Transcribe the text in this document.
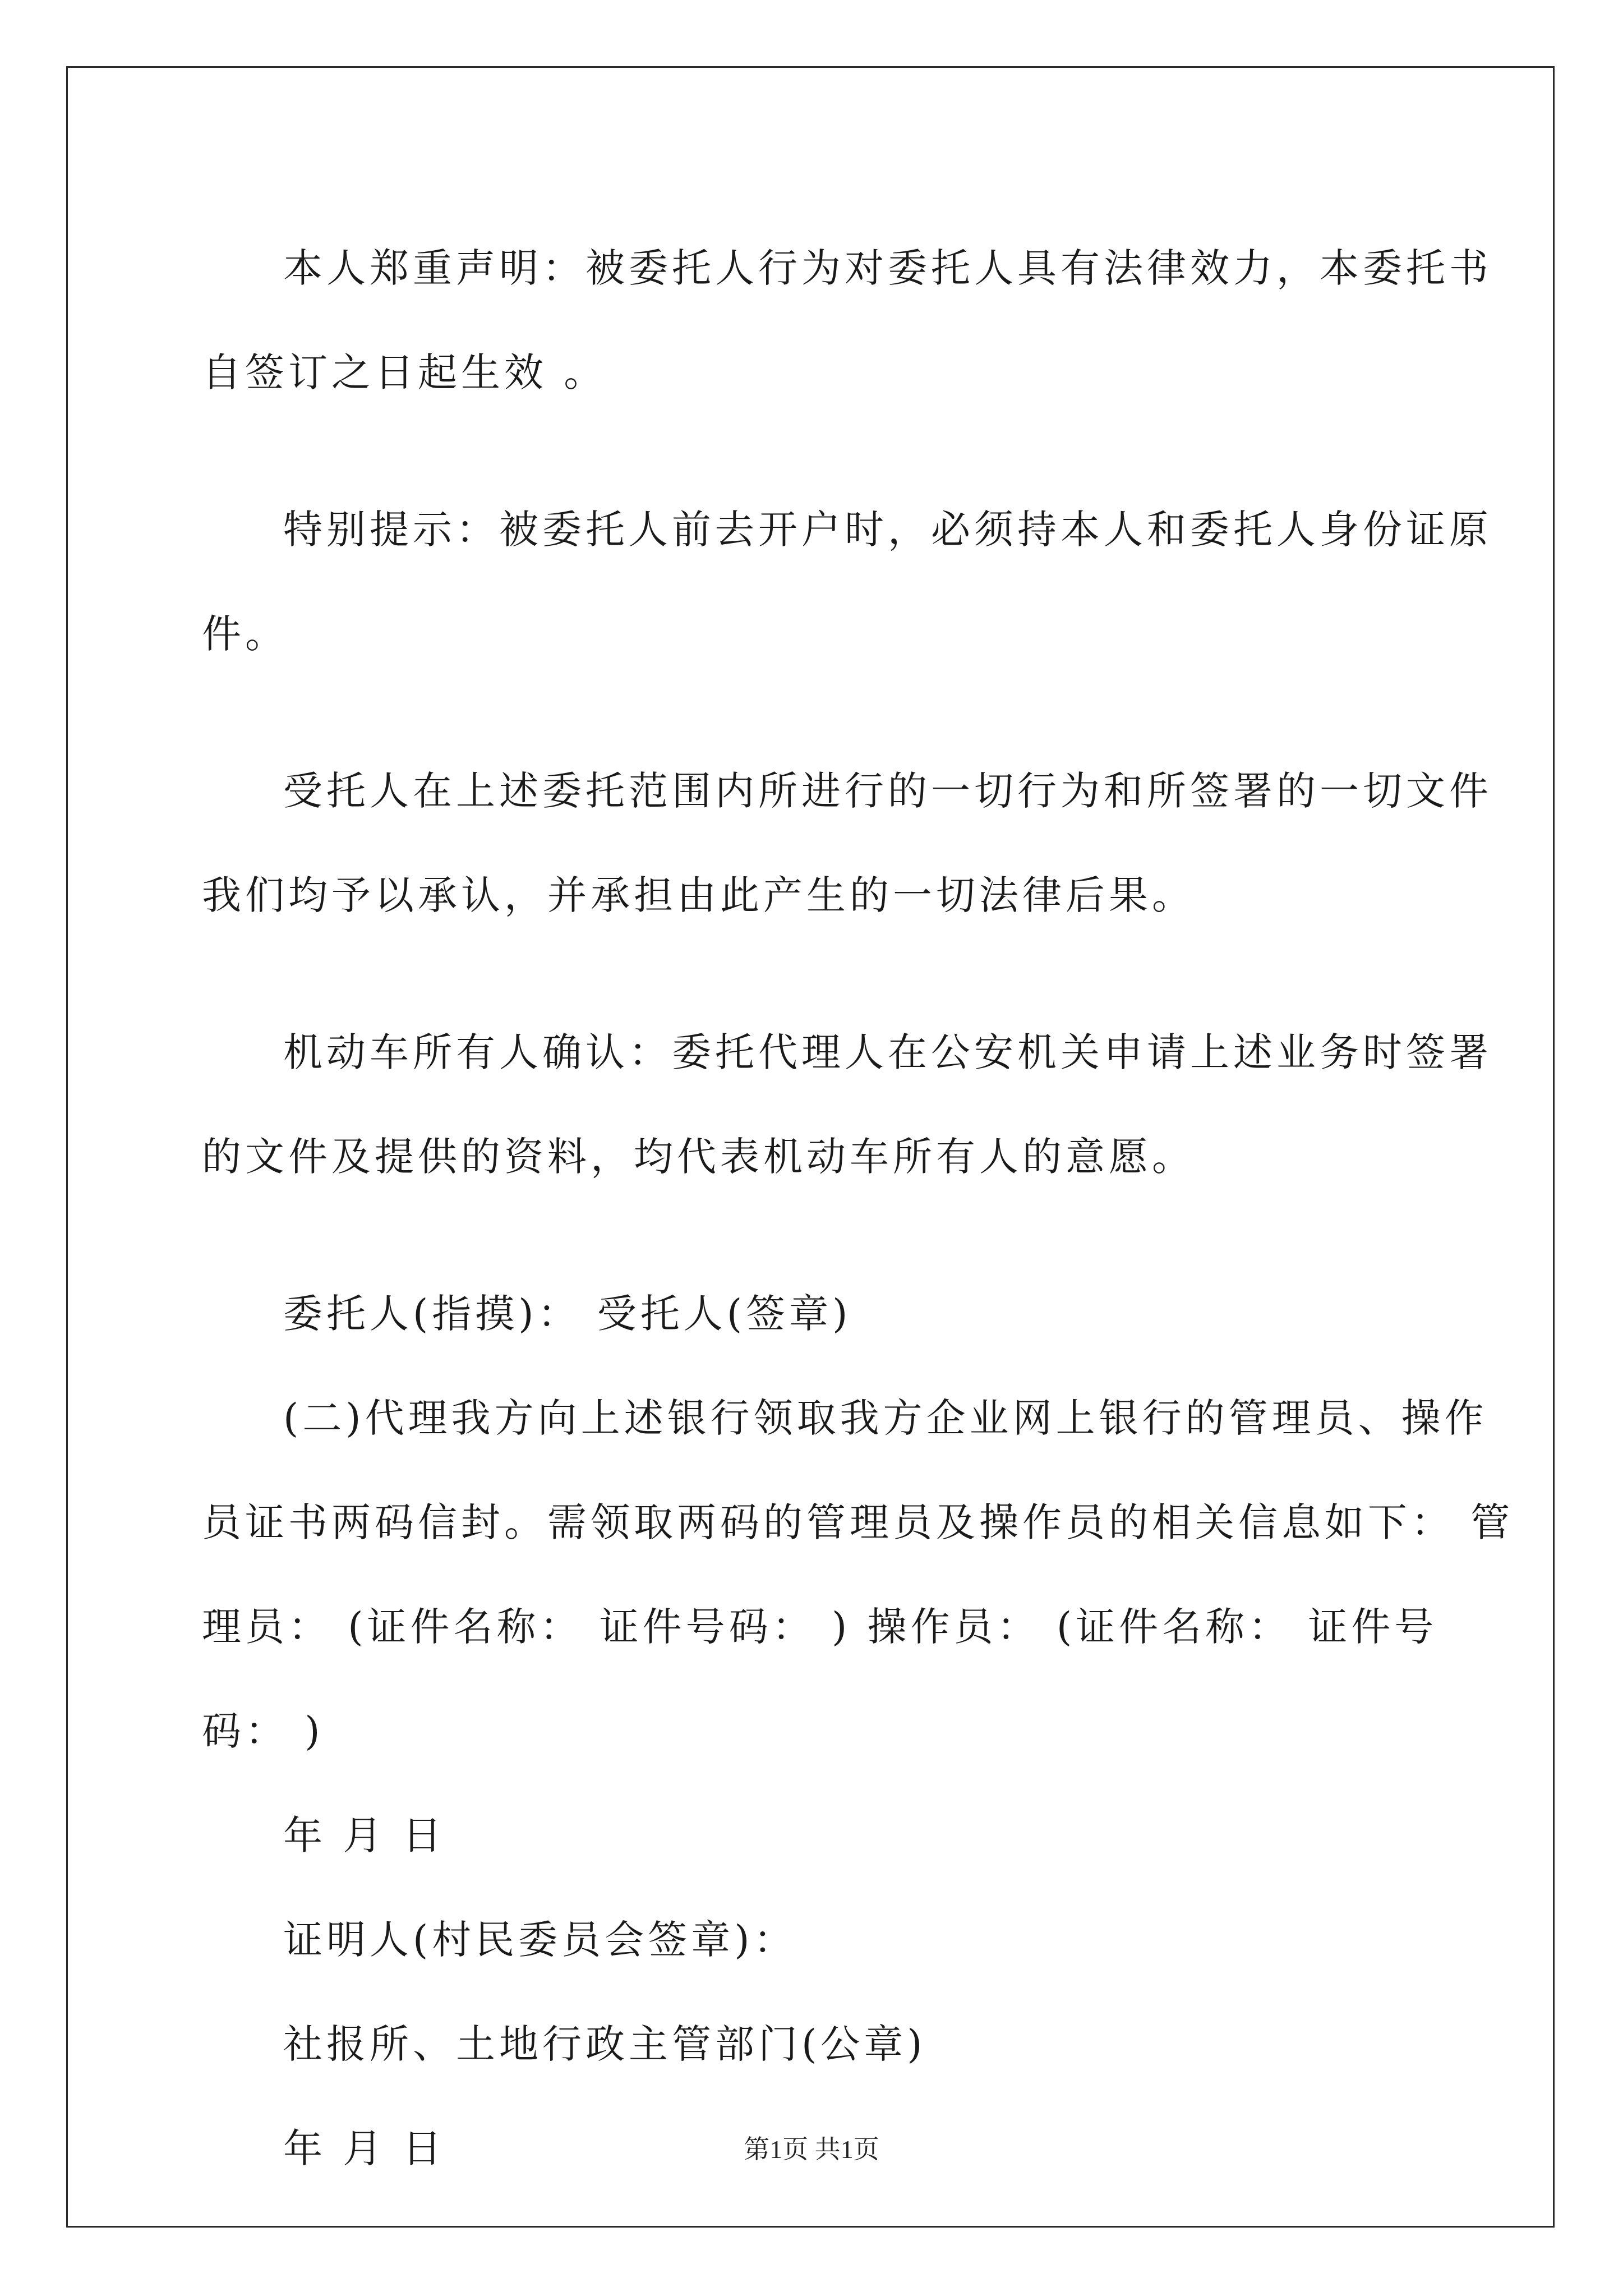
本人郑重声明：被委托人行为对委托人具有法律效力，本委托书
自签订之日起生效 。
特别提示：被委托人前去开户时，必须持本人和委托人身份证原
件。
受托人在上述委托范围内所进行的一切行为和所签署的一切文件
我们均予以承认，并承担由此产生的一切法律后果。
机动车所有人确认：委托代理人在公安机关申请上述业务时签署
的文件及提供的资料，均代表机动车所有人的意愿。
委托人(指摸)： 受托人(签章)
(二)代理我方向上述银行领取我方企业网上银行的管理员、操作
员证书两码信封。需领取两码的管理员及操作员的相关信息如下： 管
理员： (证件名称： 证件号码： ) 操作员： (证件名称： 证件号
码： )

年 月 日

证明人(村民委员会签章)：

社报所、土地行政主管部门(公章)

年 月 日	第1页 共1页
